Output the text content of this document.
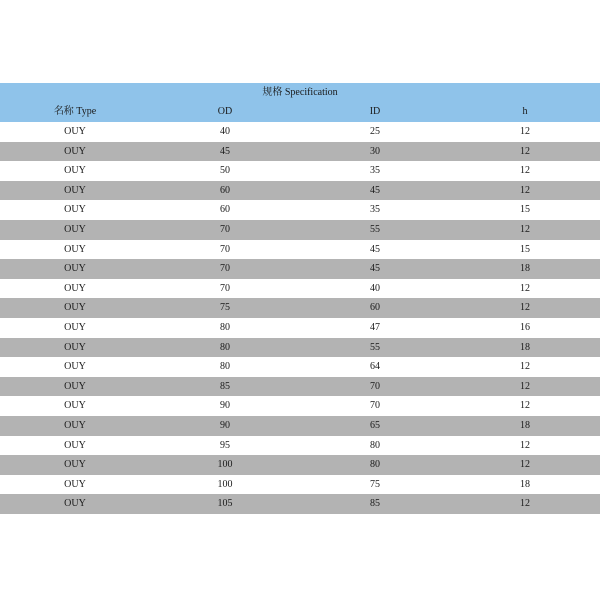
规格 Specification			
名称 Type	OD	ID	h
OUY	40	25	12
OUY	45	30	12
OUY	50	35	12
OUY	60	45	12
OUY	60	35	15
OUY	70	55	12
OUY	70	45	15
OUY	70	45	18
OUY	70	40	12
OUY	75	60	12
OUY	80	47	16
OUY	80	55	18
OUY	80	64	12
OUY	85	70	12
OUY	90	70	12
OUY	90	65	18
OUY	95	80	12
OUY	100	80	12
OUY	100	75	18
OUY	105	85	12
